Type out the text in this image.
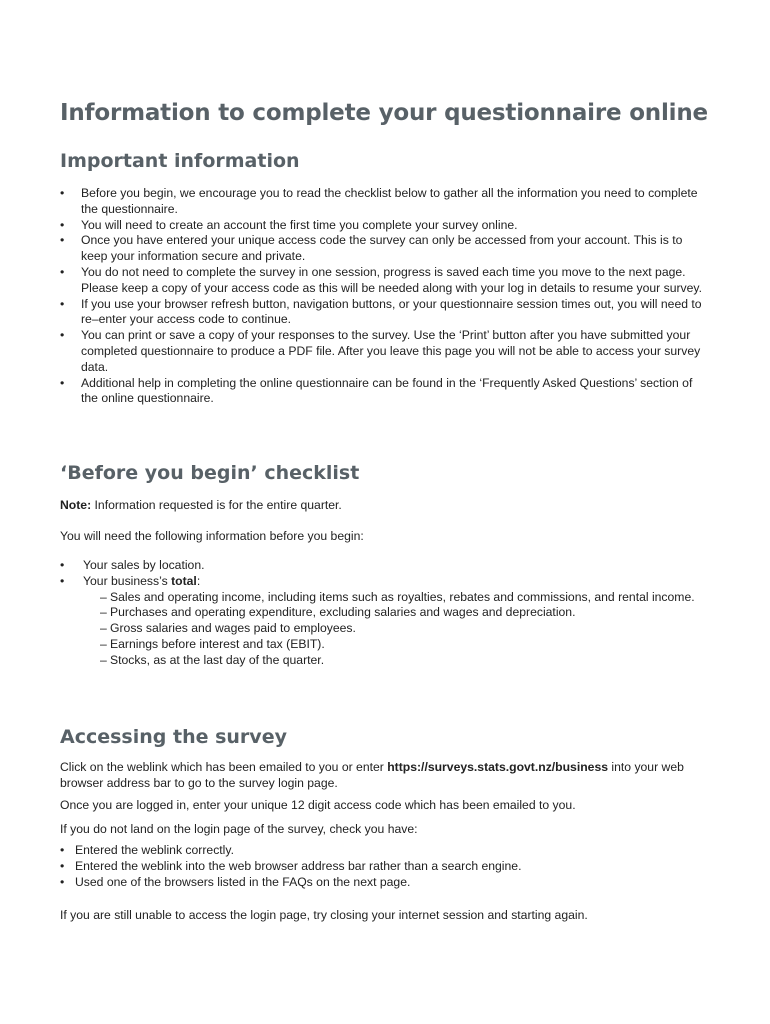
Information to complete your questionnaire online
Important information
• Before you begin, we encourage you to read the checklist below to gather all the information you need to complete the questionnaire.
• You will need to create an account the first time you complete your survey online.
• Once you have entered your unique access code the survey can only be accessed from your account. This is to keep your information secure and private.
• You do not need to complete the survey in one session, progress is saved each time you move to the next page. Please keep a copy of your access code as this will be needed along with your log in details to resume your survey.
• If you use your browser refresh button, navigation buttons, or your questionnaire session times out, you will need to re–enter your access code to continue.
• You can print or save a copy of your responses to the survey. Use the ‘Print’ button after you have submitted your completed questionnaire to produce a PDF file. After you leave this page you will not be able to access your survey data.
• Additional help in completing the online questionnaire can be found in the ‘Frequently Asked Questions’ section of the online questionnaire.
‘Before you begin’ checklist

Note: Information requested is for the entire quarter.

You will need the following information before you begin:

• Your sales by location.
• Your business’s total:
– Sales and operating income, including items such as royalties, rebates and commissions, and rental income.
– Purchases and operating expenditure, excluding salaries and wages and depreciation.
– Gross salaries and wages paid to employees.
– Earnings before interest and tax (EBIT).
– Stocks, as at the last day of the quarter.
Accessing the survey

Click on the weblink which has been emailed to you or enter https://surveys.stats.govt.nz/business into your web browser address bar to go to the survey login page.

Once you are logged in, enter your unique 12 digit access code which has been emailed to you.

If you do not land on the login page of the survey, check you have:

• Entered the weblink correctly.
• Entered the weblink into the web browser address bar rather than a search engine.
• Used one of the browsers listed in the FAQs on the next page.

If you are still unable to access the login page, try closing your internet session and starting again.
